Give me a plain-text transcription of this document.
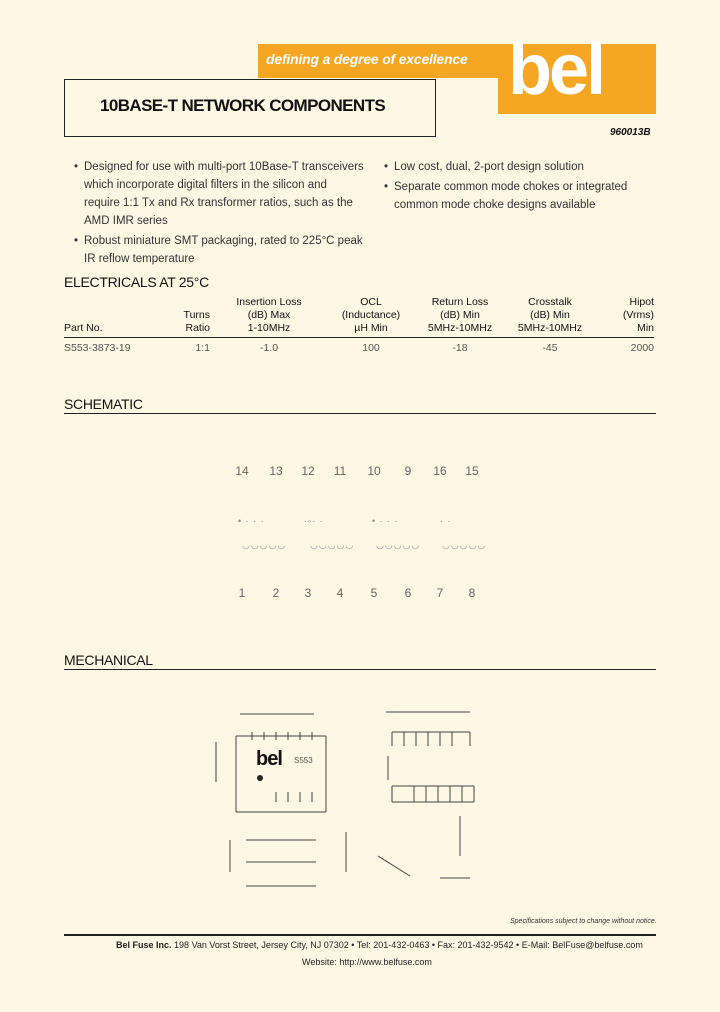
defining a degree of excellence bel
10BASE-T NETWORK COMPONENTS
960013B
• Designed for use with multi-port 10Base-T transceivers which incorporate digital filters in the silicon and require 1:1 Tx and Rx transformer ratios, such as the AMD IMR series
• Robust miniature SMT packaging, rated to 225°C peak IR reflow temperature
• Low cost, dual, 2-port design solution
• Separate common mode chokes or integrated common mode choke designs available
ELECTRICALS AT 25°C
		Insertion Loss	OCL	Return Loss	Crosstalk	Hipot
	Turns	(dB) Max	(Inductance)	(dB) Min	(dB) Min	(Vrms)
Part No.	Ratio	1-10MHz	µH Min	5MHz-10MHz	5MHz-10MHz	Min
S553-3873-19	1:1	-1.0	100	-18	-45	2000
SCHEMATIC
14 13 12	11	10	9	16 15
• · · ·	·◦· ·	• · · ·	· ·
◡◡◡◡◡	◡◡◡◡◡ ◡◡◡◡◡ ◡◡◡◡◡
1	2	3	4	5	6	7	8
MECHANICAL
bel S553
Specifications subject to change without notice.
Bel Fuse Inc. 198 Van Vorst Street, Jersey City, NJ 07302 • Tel: 201-432-0463 • Fax: 201-432-9542 • E-Mail: BelFuse@belfuse.com
Website: http://www.belfuse.com
